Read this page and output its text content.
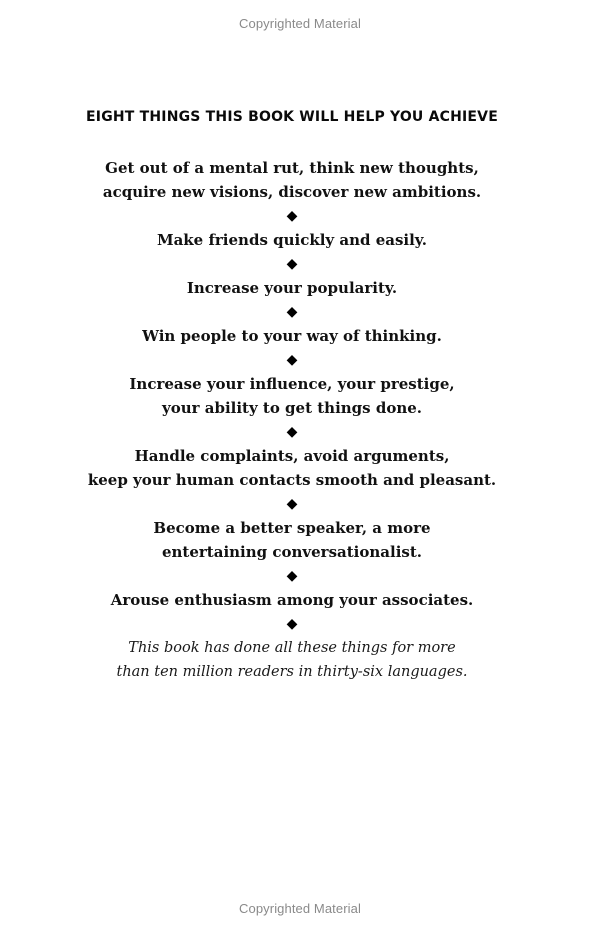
Copyrighted Material
EIGHT THINGS THIS BOOK WILL HELP YOU ACHIEVE
Get out of a mental rut, think new thoughts,
acquire new visions, discover new ambitions.
◆
Make friends quickly and easily.
◆
Increase your popularity.
◆
Win people to your way of thinking.
◆
Increase your influence, your prestige,
your ability to get things done.
◆
Handle complaints, avoid arguments,
keep your human contacts smooth and pleasant.
◆
Become a better speaker, a more
entertaining conversationalist.
◆
Arouse enthusiasm among your associates.
◆
This book has done all these things for more
than ten million readers in thirty-six languages.
Copyrighted Material
